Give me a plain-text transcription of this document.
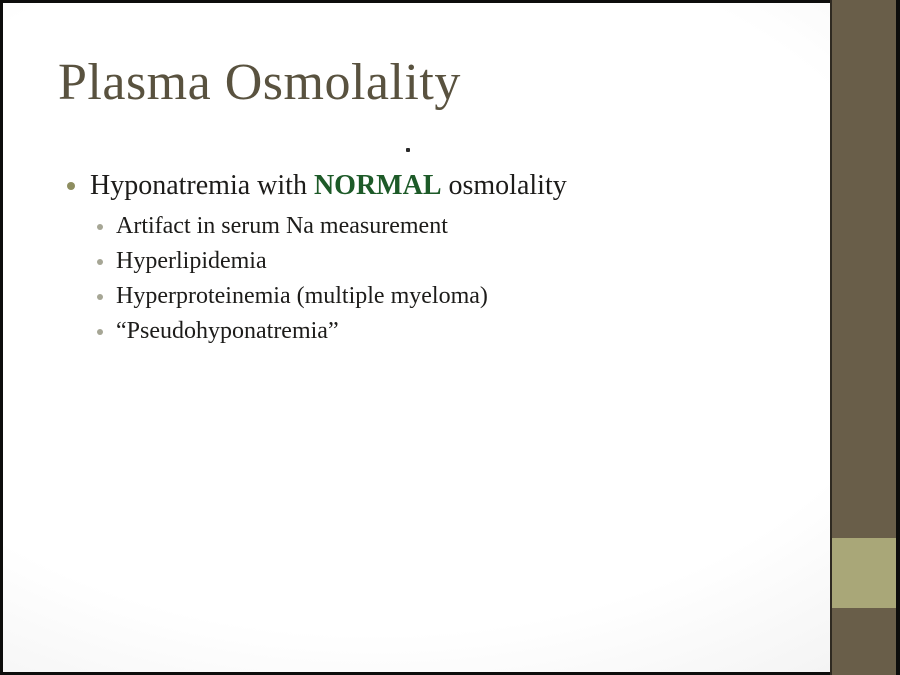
Plasma Osmolality
Hyponatremia with NORMAL osmolality
Artifact in serum Na measurement
Hyperlipidemia
Hyperproteinemia (multiple myeloma)
“Pseudohyponatremia”
